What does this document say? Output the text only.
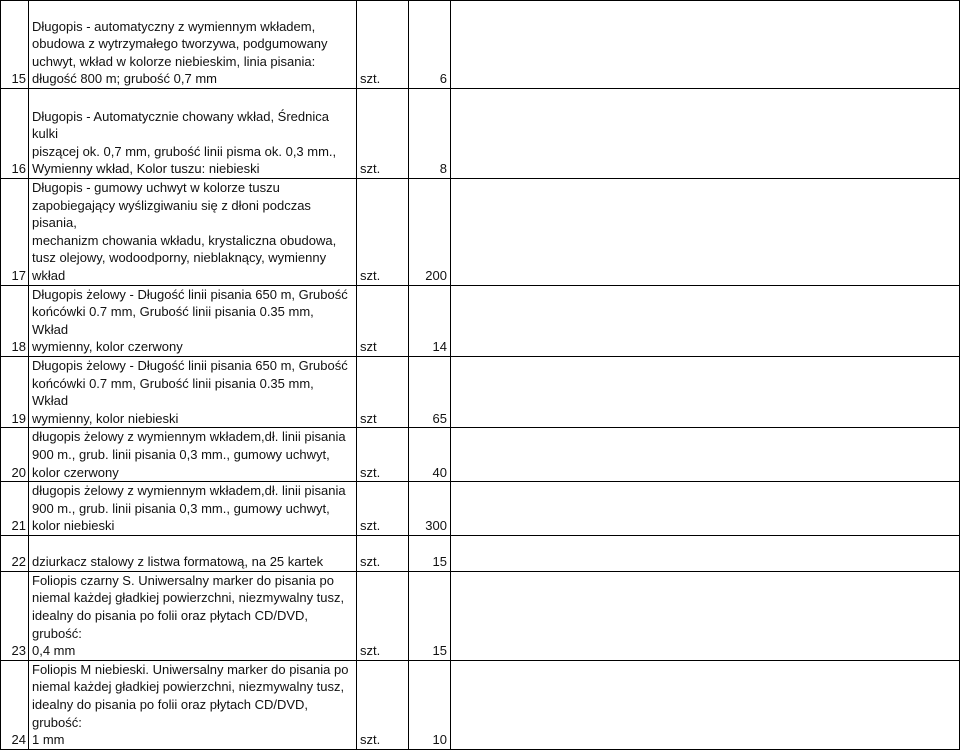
15	Długopis - automatyczny z wymiennym wkładem,
obudowa z wytrzymałego tworzywa, podgumowany
uchwyt, wkład w kolorze niebieskim, linia pisania:
długość 800 m; grubość 0,7 mm	szt.	6	
16	Długopis - Automatycznie chowany wkład, Średnica kulki
piszącej ok. 0,7 mm, grubość linii pisma ok. 0,3 mm.,
Wymienny wkład, Kolor tuszu: niebieski	szt.	8	
17	Długopis - gumowy uchwyt w kolorze tuszu
zapobiegający wyślizgiwaniu się z dłoni podczas pisania,
mechanizm chowania wkładu, krystaliczna obudowa,
tusz olejowy, wodoodporny, nieblaknący, wymienny
wkład	szt.	200	
18	Długopis żelowy - Długość linii pisania 650 m, Grubość
końcówki 0.7 mm, Grubość linii pisania 0.35 mm, Wkład
wymienny, kolor czerwony	szt	14	
19	Długopis żelowy - Długość linii pisania 650 m, Grubość
końcówki 0.7 mm, Grubość linii pisania 0.35 mm, Wkład
wymienny, kolor niebieski	szt	65	
20	długopis żelowy z wymiennym wkładem,dł. linii pisania
900 m., grub. linii pisania 0,3 mm., gumowy uchwyt,
kolor czerwony	szt.	40	
21	długopis żelowy z wymiennym wkładem,dł. linii pisania
900 m., grub. linii pisania 0,3 mm., gumowy uchwyt,
kolor niebieski	szt.	300	
22	dziurkacz stalowy z listwa formatową, na 25 kartek	szt.	15	
23	Foliopis czarny S. Uniwersalny marker do pisania po
niemal każdej gładkiej powierzchni, niezmywalny tusz,
idealny do pisania po folii oraz płytach CD/DVD, grubość:
0,4 mm	szt.	15	
24	Foliopis M niebieski. Uniwersalny marker do pisania po
niemal każdej gładkiej powierzchni, niezmywalny tusz,
idealny do pisania po folii oraz płytach CD/DVD, grubość:
1 mm	szt.	10	
